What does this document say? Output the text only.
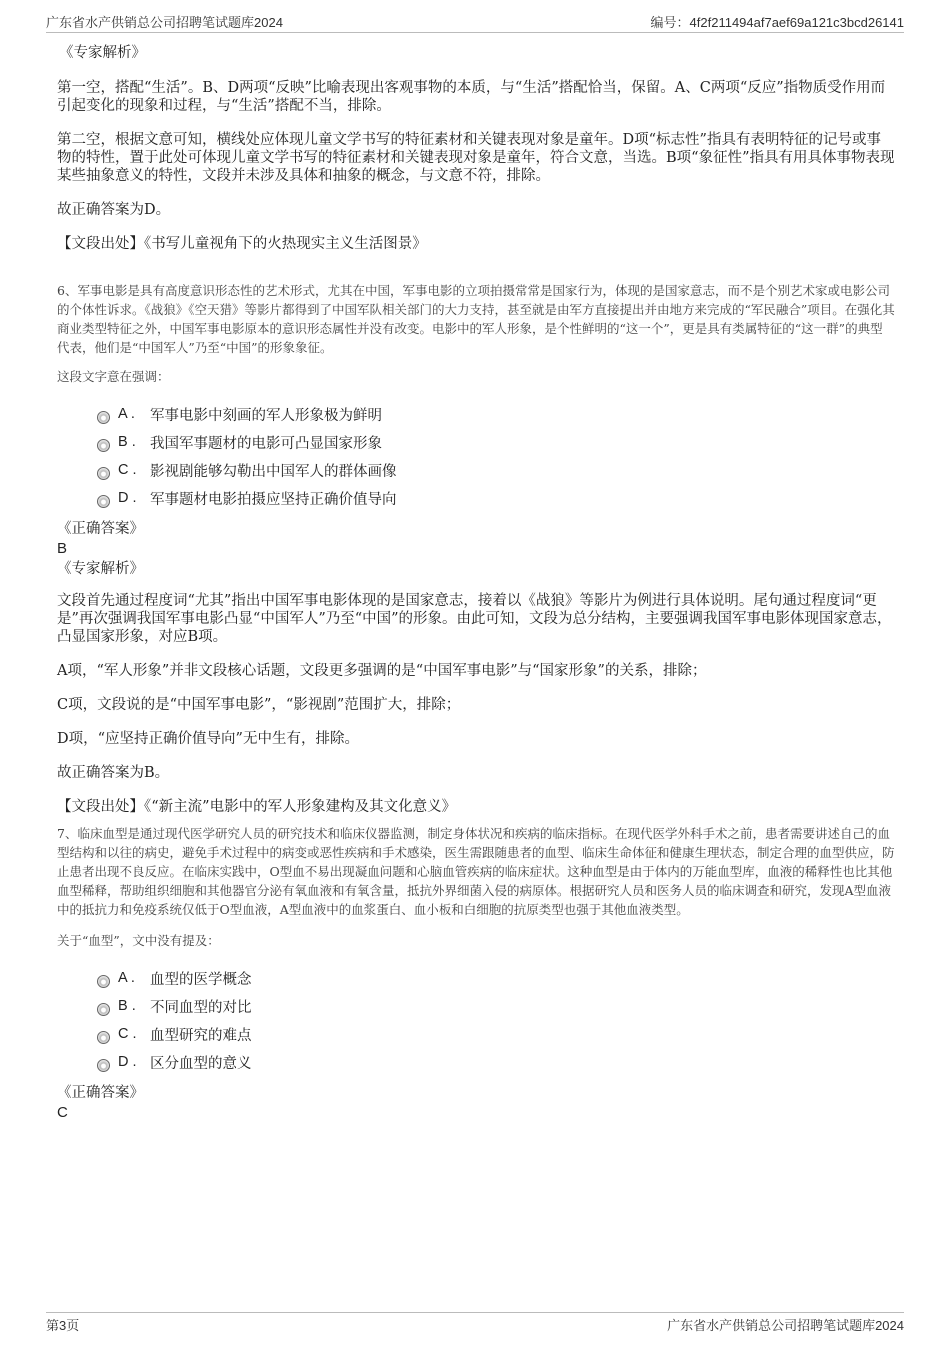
广东省水产供销总公司招聘笔试题库2024	编号：4f2f211494af7aef69a121c3bcd26141

《专家解析》

第一空，搭配“生活”。B、D两项“反映”比喻表现出客观事物的本质，与“生活”搭配恰当，保留。A、C两项“反应”指物质受作用而引起变化的现象和过程，与“生活”搭配不当，排除。

第二空，根据文意可知，横线处应体现儿童文学书写的特征素材和关键表现对象是童年。D项“标志性”指具有表明特征的记号或事物的特性，置于此处可体现儿童文学书写的特征素材和关键表现对象是童年，符合文意，当选。B项“象征性”指具有用具体事物表现某些抽象意义的特性，文段并未涉及具体和抽象的概念，与文意不符，排除。

故正确答案为D。

【文段出处】《书写儿童视角下的火热现实主义生活图景》

6、军事电影是具有高度意识形态性的艺术形式，尤其在中国，军事电影的立项拍摄常常是国家行为，体现的是国家意志，而不是个别艺术家或电影公司的个体性诉求。《战狼》《空天猎》等影片都得到了中国军队相关部门的大力支持，甚至就是由军方直接提出并由地方来完成的“军民融合”项目。在强化其商业类型特征之外，中国军事电影原本的意识形态属性并没有改变。电影中的军人形象，是个性鲜明的“这一个”，更是具有类属特征的“这一群”的典型代表，他们是“中国军人”乃至“中国”的形象象征。

这段文字意在强调：

A .	军事电影中刻画的军人形象极为鲜明
B . 我国军事题材的电影可凸显国家形象
C . 影视剧能够勾勒出中国军人的群体画像
D . 军事题材电影拍摄应坚持正确价值导向

《正确答案》

B

《专家解析》

文段首先通过程度词“尤其”指出中国军事电影体现的是国家意志，接着以《战狼》等影片为例进行具体说明。尾句通过程度词“更是”再次强调我国军事电影凸显“中国军人”乃至“中国”的形象。由此可知，文段为总分结构，主要强调我国军事电影体现国家意志，凸显国家形象，对应B项。

A项，“军人形象”并非文段核心话题，文段更多强调的是“中国军事电影”与“国家形象”的关系，排除；

C项，文段说的是“中国军事电影”，“影视剧”范围扩大，排除；

D项，“应坚持正确价值导向”无中生有，排除。

故正确答案为B。

【文段出处】《“新主流”电影中的军人形象建构及其文化意义》

7、临床血型是通过现代医学研究人员的研究技术和临床仪器监测，制定身体状况和疾病的临床指标。在现代医学外科手术之前，患者需要讲述自己的血型结构和以往的病史，避免手术过程中的病变或恶性疾病和手术感染，医生需跟随患者的血型、临床生命体征和健康生理状态，制定合理的血型供应，防止患者出现不良反应。在临床实践中，O型血不易出现凝血问题和心脑血管疾病的临床症状。这种血型是由于体内的万能血型库，血液的稀释性也比其他血型稀释，帮助组织细胞和其他器官分泌有氧血液和有氧含量，抵抗外界细菌入侵的病原体。根据研究人员和医务人员的临床调查和研究，发现A型血液中的抵抗力和免疫系统仅低于O型血液，A型血液中的血浆蛋白、血小板和白细胞的抗原类型也强于其他血液类型。

关于“血型”，文中没有提及：

A .	血型的医学概念
B . 不同血型的对比
C . 血型研究的难点
D . 区分血型的意义

《正确答案》

C

第3页	广东省水产供销总公司招聘笔试题库2024
